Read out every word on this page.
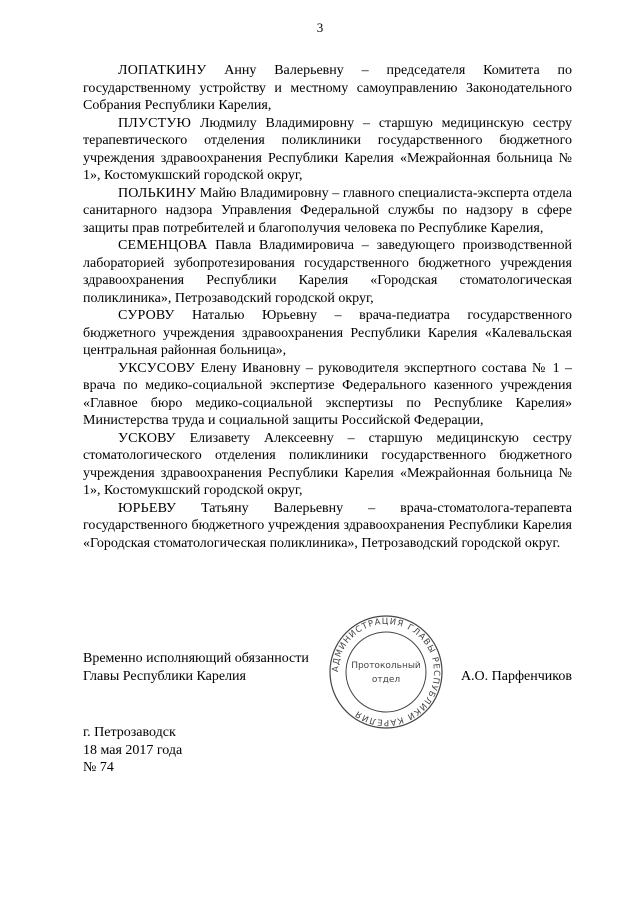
3

ЛОПАТКИНУ Анну Валерьевну – председателя Комитета по государственному устройству и местному самоуправлению Законодательного Собрания Республики Карелия,

ПЛУСТУЮ Людмилу Владимировну – старшую медицинскую сестру терапевтического отделения поликлиники государственного бюджетного учреждения здравоохранения Республики Карелия «Межрайонная больница № 1», Костомукшский городской округ,

ПОЛЬКИНУ Майю Владимировну – главного специалиста-эксперта отдела санитарного надзора Управления Федеральной службы по надзору в сфере защиты прав потребителей и благополучия человека по Республике Карелия,

СЕМЕНЦОВА Павла Владимировича – заведующего производственной лабораторией зубопротезирования государственного бюджетного учреждения здравоохранения Республики Карелия «Городская стоматологическая поликлиника», Петрозаводский городской округ,

СУРОВУ Наталью Юрьевну – врача-педиатра государственного бюджетного учреждения здравоохранения Республики Карелия «Калевальская центральная районная больница»,

УКСУСОВУ Елену Ивановну – руководителя экспертного состава № 1 – врача по медико-социальной экспертизе Федерального казенного учреждения «Главное бюро медико-социальной экспертизы по Республике Карелия» Министерства труда и социальной защиты Российской Федерации,

УСКОВУ Елизавету Алексеевну – старшую медицинскую сестру стоматологического отделения поликлиники государственного бюджетного учреждения здравоохранения Республики Карелия «Межрайонная больница № 1», Костомукшский городской округ,

ЮРЬЕВУ Татьяну Валерьевну – врача-стоматолога-терапевта государственного бюджетного учреждения здравоохранения Республики Карелия «Городская стоматологическая поликлиника», Петрозаводский городской округ.

Временно исполняющий обязанности
Главы Республики Карелия	А.О. Парфенчиков
АДМИНИСТРАЦИЯ ГЛАВЫ РЕСПУБЛИКИ КАРЕЛИЯ
Протокольный
отдел
г. Петрозаводск
18 мая 2017 года
№ 74
